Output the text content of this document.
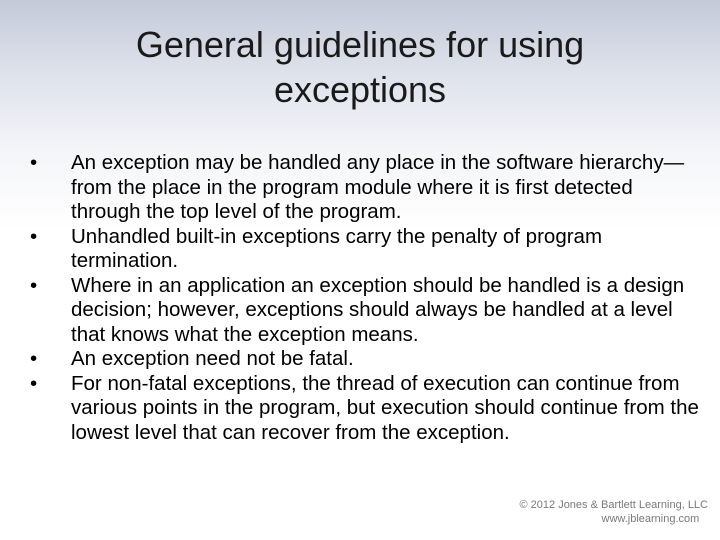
General guidelines for using
exceptions
•	An exception may be handled any place in the software hierarchy—from the place in the program module where it is first detected through the top level of the program.
•	Unhandled built-in exceptions carry the penalty of program termination.
•	Where in an application an exception should be handled is a design decision; however, exceptions should always be handled at a level that knows what the exception means.
•	An exception need not be fatal.
•	For non-fatal exceptions, the thread of execution can continue from various points in the program, but execution should continue from the lowest level that can recover from the exception.
© 2012 Jones & Bartlett Learning, LLC
www.jblearning.com
